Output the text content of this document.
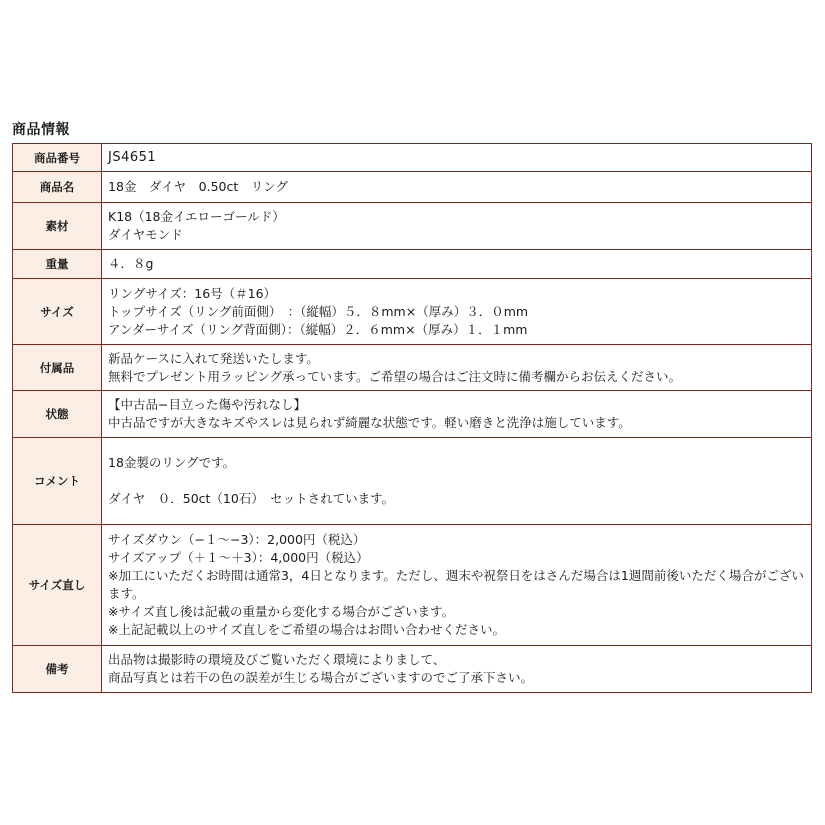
商品情報
商品番号	JS4651

商品名	18金　ダイヤ　0.50ct　リング

素材	K18（18金イエローゴールド）
ダイヤモンド

重量	４．８g

サイズ	リングサイズ：16号（＃16）
トップサイズ（リング前面側）　：（縦幅）５．８mm×（厚み）３．０mm
アンダーサイズ（リング背面側）：（縦幅）２．６mm×（厚み）１．１mm

付属品	新品ケースに入れて発送いたします。
無料でプレゼント用ラッピング承っています。ご希望の場合はご注文時に備考欄からお伝えください。

状態	【中古品−目立った傷や汚れなし】
中古品ですが大きなキズやスレは見られず綺麗な状態です。軽い磨きと洗浄は施しています。

コメント	18金製のリングです。
ダイヤ　０．50ct（10石）　セットされています。

サイズ直し	サイズダウン（−１〜−3）：2,000円（税込）
サイズアップ（＋１〜＋3）：4,000円（税込）
※加工にいただくお時間は通常3，4日となります。ただし、週末や祝祭日をはさんだ場合は1週間前後いただく場合がございます。
※サイズ直し後は記載の重量から変化する場合がございます。
※上記記載以上のサイズ直しをご希望の場合はお問い合わせください。

備考	出品物は撮影時の環境及びご覧いただく環境によりまして、
商品写真とは若干の色の誤差が生じる場合がございますのでご了承下さい。
